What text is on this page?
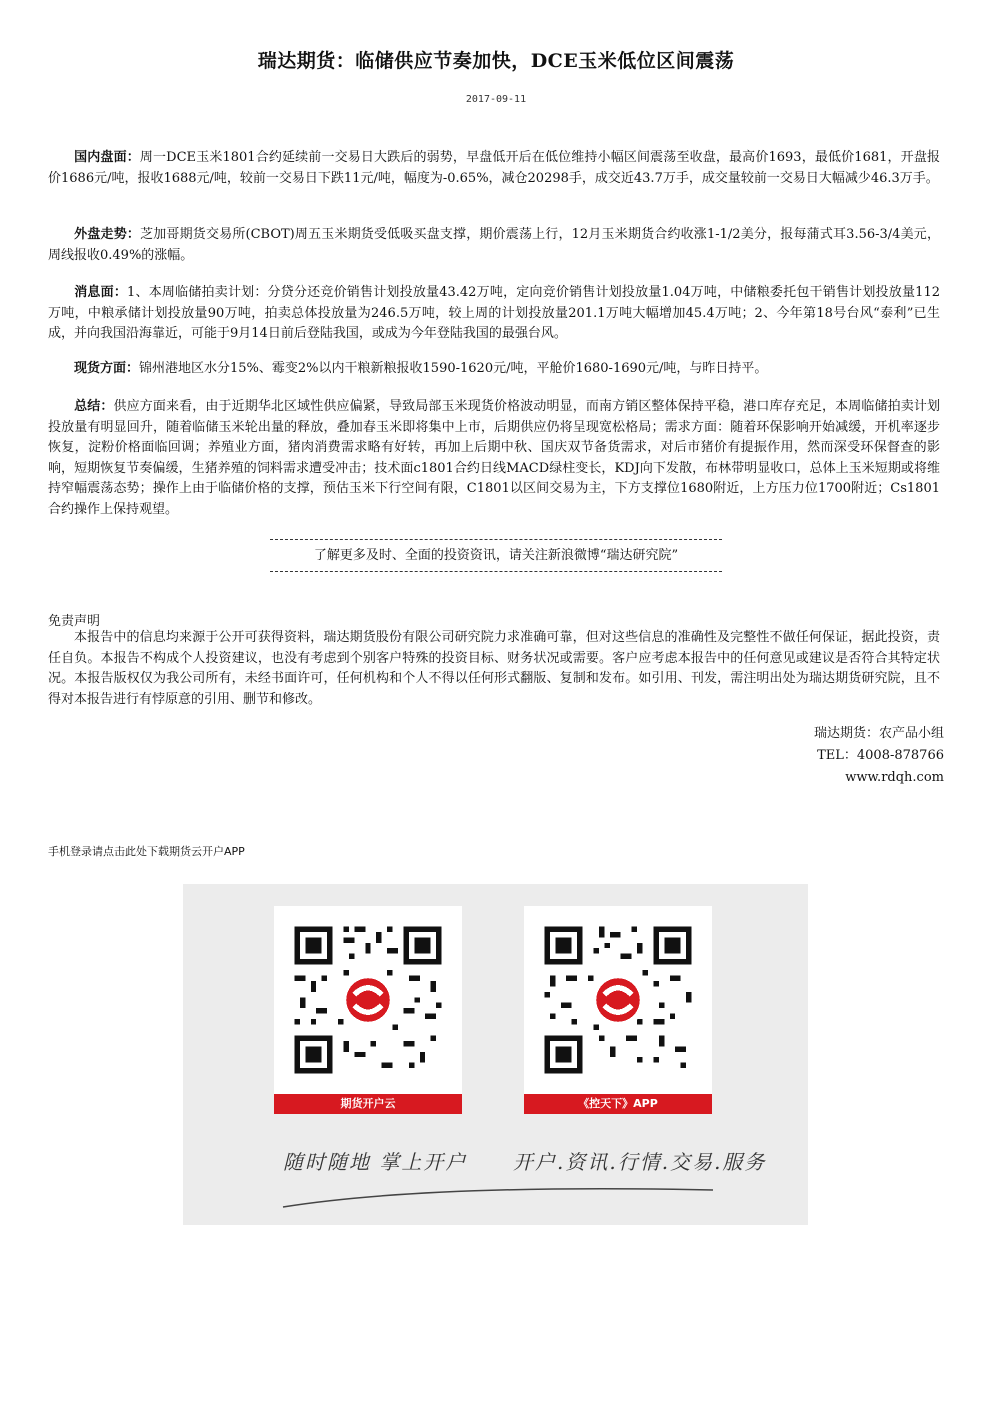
瑞达期货：临储供应节奏加快，DCE玉米低位区间震荡
2017-09-11

国内盘面：周一DCE玉米1801合约延续前一交易日大跌后的弱势，早盘低开后在低位维持小幅区间震荡至收盘，最高价1693，最低价1681，开盘报价1686元/吨，报收1688元/吨，较前一交易日下跌11元/吨，幅度为-0.65%，减仓20298手，成交近43.7万手，成交量较前一交易日大幅减少46.3万手。

外盘走势：芝加哥期货交易所(CBOT)周五玉米期货受低吸买盘支撑，期价震荡上行，12月玉米期货合约收涨1-1/2美分，报每蒲式耳3.56-3/4美元，周线报收0.49%的涨幅。

消息面：1、本周临储拍卖计划：分贷分还竞价销售计划投放量43.42万吨，定向竞价销售计划投放量1.04万吨，中储粮委托包干销售计划投放量112万吨，中粮承储计划投放量90万吨，拍卖总体投放量为246.5万吨，较上周的计划投放量201.1万吨大幅增加45.4万吨；2、今年第18号台风“泰利”已生成，并向我国沿海靠近，可能于9月14日前后登陆我国，或成为今年登陆我国的最强台风。

现货方面：锦州港地区水分15%、霉变2%以内干粮新粮报收1590-1620元/吨，平舱价1680-1690元/吨，与昨日持平。

总结：供应方面来看，由于近期华北区域性供应偏紧，导致局部玉米现货价格波动明显，而南方销区整体保持平稳，港口库存充足，本周临储拍卖计划投放量有明显回升，随着临储玉米轮出量的释放，叠加春玉米即将集中上市，后期供应仍将呈现宽松格局；需求方面：随着环保影响开始减缓，开机率逐步恢复，淀粉价格面临回调；养殖业方面，猪肉消费需求略有好转，再加上后期中秋、国庆双节备货需求，对后市猪价有提振作用，然而深受环保督查的影响，短期恢复节奏偏缓，生猪养殖的饲料需求遭受冲击；技术面c1801合约日线MACD绿柱变长，KDJ向下发散，布林带明显收口，总体上玉米短期或将维持窄幅震荡态势；操作上由于临储价格的支撑，预估玉米下行空间有限，C1801以区间交易为主，下方支撑位1680附近，上方压力位1700附近；Cs1801合约操作上保持观望。

了解更多及时、全面的投资资讯，请关注新浪微博“瑞达研究院”
免责声明

本报告中的信息均来源于公开可获得资料，瑞达期货股份有限公司研究院力求准确可靠，但对这些信息的准确性及完整性不做任何保证，据此投资，责任自负。本报告不构成个人投资建议，也没有考虑到个别客户特殊的投资目标、财务状况或需要。客户应考虑本报告中的任何意见或建议是否符合其特定状况。本报告版权仅为我公司所有，未经书面许可，任何机构和个人不得以任何形式翻版、复制和发布。如引用、刊发，需注明出处为瑞达期货研究院，且不得对本报告进行有悖原意的引用、删节和修改。

瑞达期货：农产品小组
TEL：4008-878766
www.rdqh.com
手机登录请点击此处下载期货云开户APP
期货开户云	《控天下》APP
随时随地 掌上开户 开户.资讯.行情.交易.服务
